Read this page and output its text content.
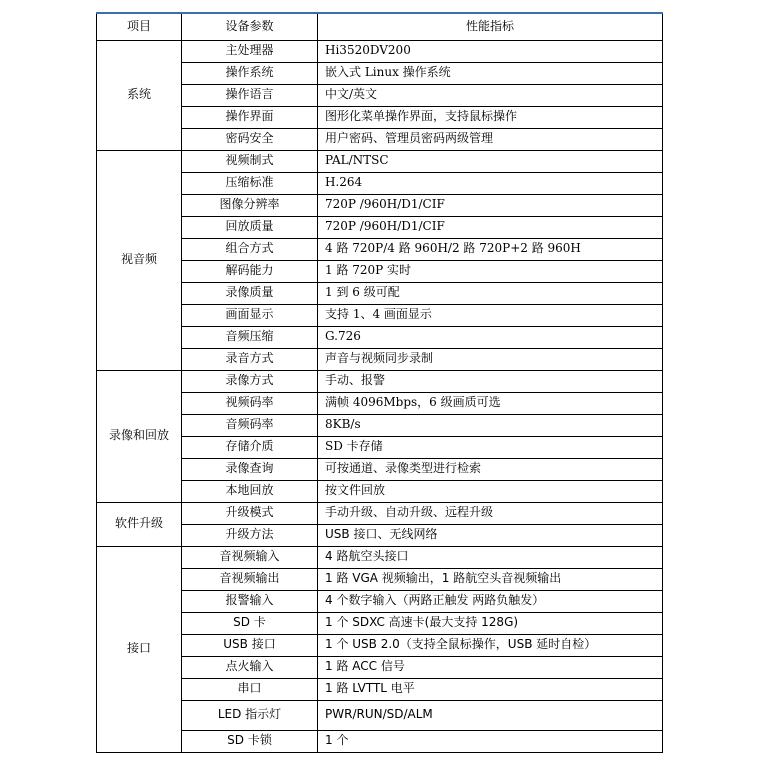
项目	设备参数	性能指标
系统	主处理器	Hi3520DV200
	操作系统	嵌入式 Linux 操作系统
	操作语言	中文/英文
	操作界面	图形化菜单操作界面，支持鼠标操作
	密码安全	用户密码、管理员密码两级管理
视音频	视频制式	PAL/NTSC
	压缩标准	H.264
	图像分辨率	720P /960H/D1/CIF
	回放质量	720P /960H/D1/CIF
	组合方式	4 路 720P/4 路 960H/2 路 720P+2 路 960H
	解码能力	1 路 720P 实时
	录像质量	1 到 6 级可配
	画面显示	支持 1、4 画面显示
	音频压缩	G.726
	录音方式	声音与视频同步录制
录像和回放	录像方式	手动、报警
	视频码率	满帧 4096Mbps，6 级画质可选
	音频码率	8KB/s
	存储介质	SD 卡存储
	录像查询	可按通道、录像类型进行检索
	本地回放	按文件回放
软件升级	升级模式	手动升级、自动升级、远程升级
	升级方法	USB 接口、无线网络
接口	音视频输入	4 路航空头接口
	音视频输出	1 路 VGA 视频输出，1 路航空头音视频输出
	报警输入	4 个数字输入（两路正触发 两路负触发）
	SD 卡	1 个 SDXC 高速卡(最大支持 128G)
	USB 接口	1 个 USB 2.0（支持全鼠标操作，USB 延时自检）
	点火输入	1 路 ACC 信号
	串口	1 路 LVTTL 电平
	LED 指示灯	PWR/RUN/SD/ALM
	SD 卡锁	1 个
